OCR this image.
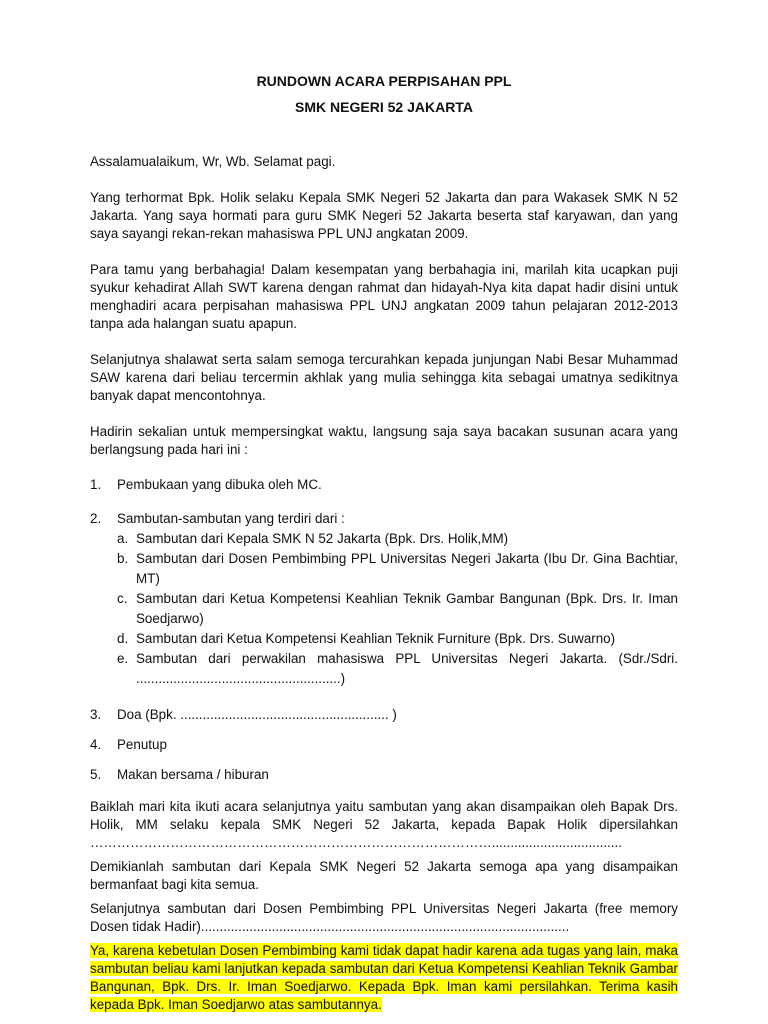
RUNDOWN ACARA PERPISAHAN PPL

SMK NEGERI 52 JAKARTA

Assalamualaikum, Wr, Wb. Selamat pagi.

Yang terhormat Bpk. Holik selaku Kepala SMK Negeri 52 Jakarta dan para Wakasek SMK N 52 Jakarta. Yang saya hormati para guru SMK Negeri 52 Jakarta beserta staf karyawan, dan yang saya sayangi rekan-rekan mahasiswa PPL UNJ angkatan 2009.

Para tamu yang berbahagia! Dalam kesempatan yang berbahagia ini, marilah kita ucapkan puji syukur kehadirat Allah SWT karena dengan rahmat dan hidayah-Nya kita dapat hadir disini untuk menghadiri acara perpisahan mahasiswa PPL UNJ angkatan 2009 tahun pelajaran 2012-2013 tanpa ada halangan suatu apapun.

Selanjutnya shalawat serta salam semoga tercurahkan kepada junjungan Nabi Besar Muhammad SAW karena dari beliau tercermin akhlak yang mulia sehingga kita sebagai umatnya sedikitnya banyak dapat mencontohnya.

Hadirin sekalian untuk mempersingkat waktu, langsung saja saya bacakan susunan acara yang berlangsung pada hari ini :

1. Pembukaan yang dibuka oleh MC.
2. Sambutan-sambutan yang terdiri dari :
a. Sambutan dari Kepala SMK N 52 Jakarta (Bpk. Drs. Holik,MM)
b. Sambutan dari Dosen Pembimbing PPL Universitas Negeri Jakarta (Ibu Dr. Gina Bachtiar, MT)
c. Sambutan dari Ketua Kompetensi Keahlian Teknik Gambar Bangunan (Bpk. Drs. Ir. Iman Soedjarwo)
d. Sambutan dari Ketua Kompetensi Keahlian Teknik Furniture (Bpk. Drs. Suwarno)
e. Sambutan dari perwakilan mahasiswa PPL Universitas Negeri Jakarta. (Sdr./Sdri. .......................................................)
3. Doa (Bpk. ........................................................ )
4. Penutup
5. Makan bersama / hiburan

Baiklah mari kita ikuti acara selanjutnya yaitu sambutan yang akan disampaikan oleh Bapak Drs. Holik, MM selaku kepala SMK Negeri 52 Jakarta, kepada Bapak Holik dipersilahkan ………………………………………………………………………………...................................

Demikianlah sambutan dari Kepala SMK Negeri 52 Jakarta semoga apa yang disampaikan bermanfaat bagi kita semua.

Selanjutnya sambutan dari Dosen Pembimbing PPL Universitas Negeri Jakarta (free memory Dosen tidak Hadir)...................................................................................................

Ya, karena kebetulan Dosen Pembimbing kami tidak dapat hadir karena ada tugas yang lain, maka sambutan beliau kami lanjutkan kepada sambutan dari Ketua Kompetensi Keahlian Teknik Gambar Bangunan, Bpk. Drs. Ir. Iman Soedjarwo. Kepada Bpk. Iman kami persilahkan. Terima kasih kepada Bpk. Iman Soedjarwo atas sambutannya.
